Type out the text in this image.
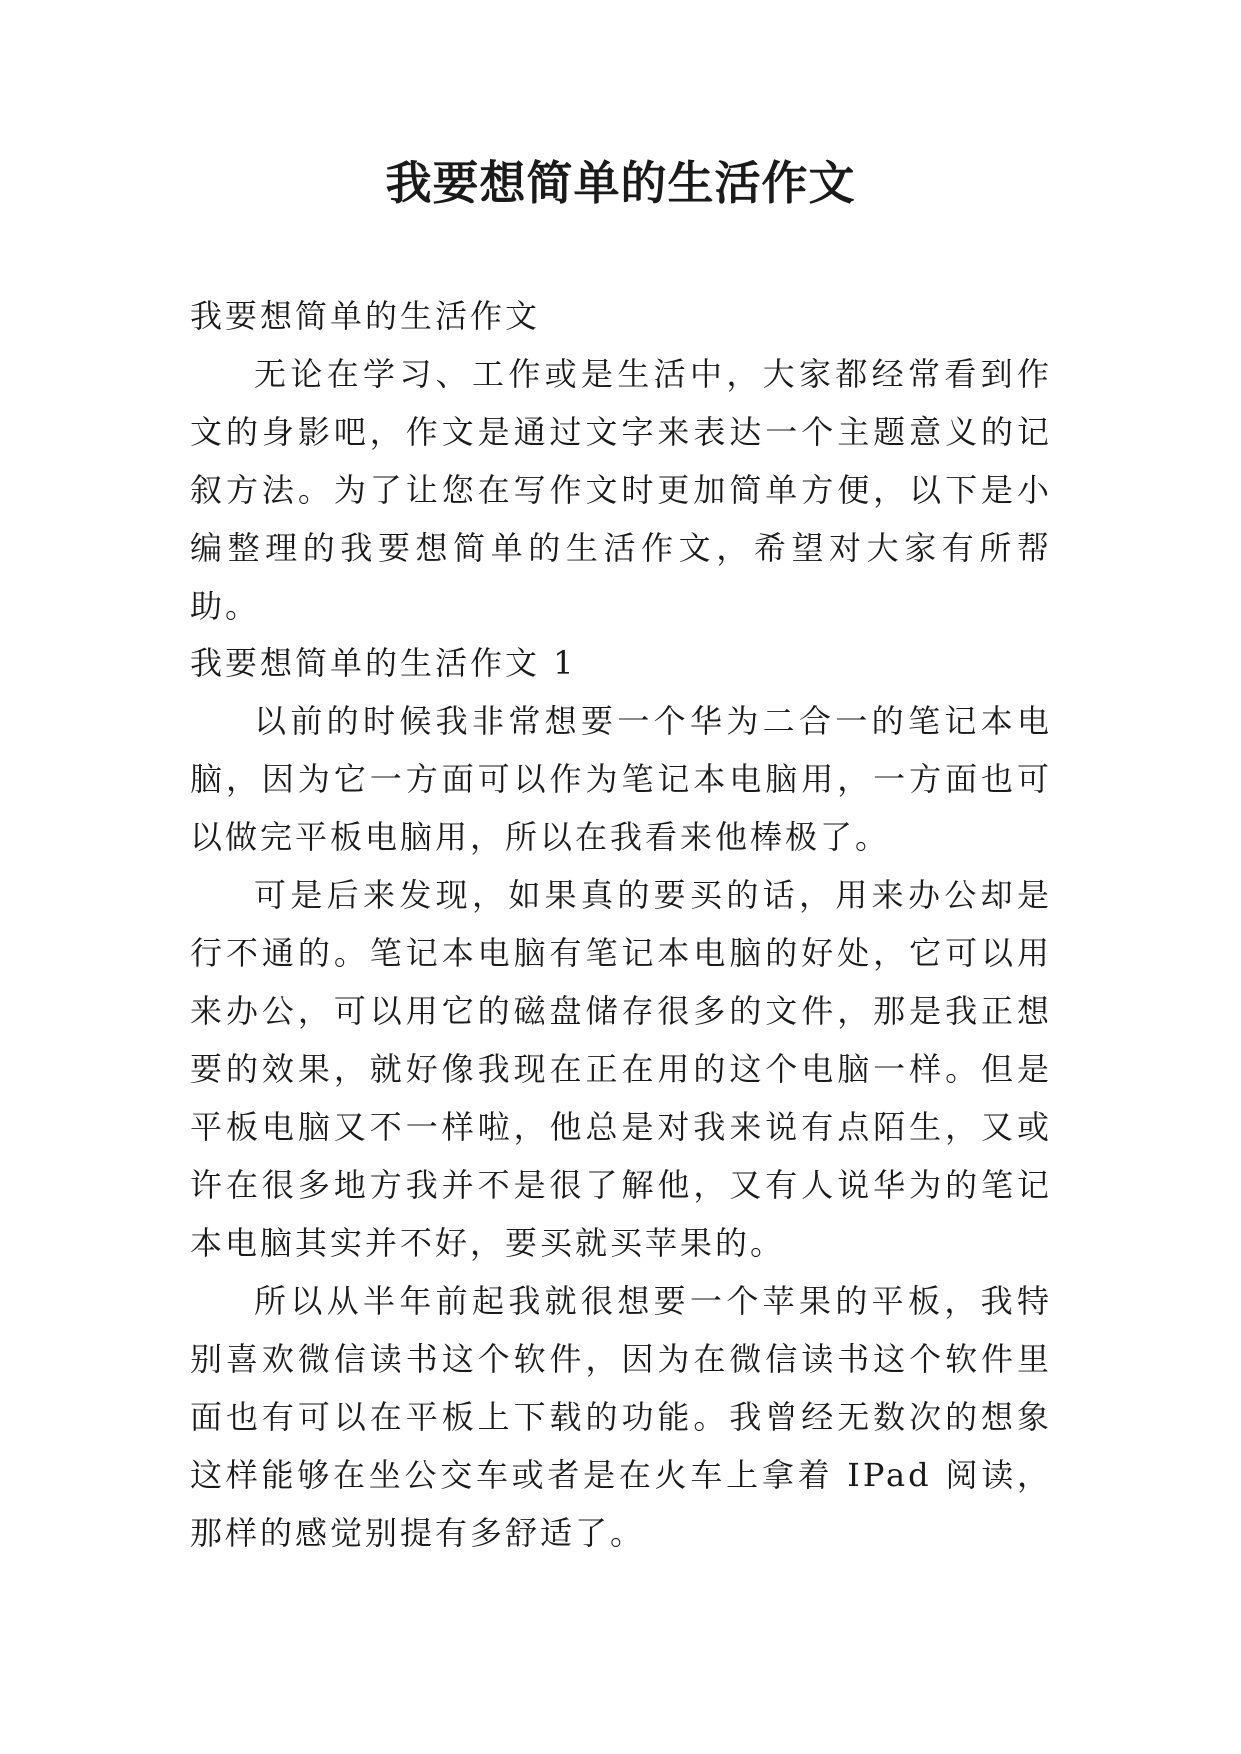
我要想简单的生活作文

我要想简单的生活作文

无论在学习、工作或是生活中，大家都经常看到作文的身影吧，作文是通过文字来表达一个主题意义的记叙方法。为了让您在写作文时更加简单方便，以下是小编整理的我要想简单的生活作文，希望对大家有所帮助。

我要想简单的生活作文 1

以前的时候我非常想要一个华为二合一的笔记本电脑，因为它一方面可以作为笔记本电脑用，一方面也可以做完平板电脑用，所以在我看来他棒极了。

可是后来发现，如果真的要买的话，用来办公却是行不通的。笔记本电脑有笔记本电脑的好处，它可以用来办公，可以用它的磁盘储存很多的文件，那是我正想要的效果，就好像我现在正在用的这个电脑一样。但是平板电脑又不一样啦，他总是对我来说有点陌生，又或许在很多地方我并不是很了解他，又有人说华为的笔记本电脑其实并不好，要买就买苹果的。

所以从半年前起我就很想要一个苹果的平板，我特别喜欢微信读书这个软件，因为在微信读书这个软件里面也有可以在平板上下载的功能。我曾经无数次的想象这样能够在坐公交车或者是在火车上拿着 IPad 阅读，那样的感觉别提有多舒适了。
